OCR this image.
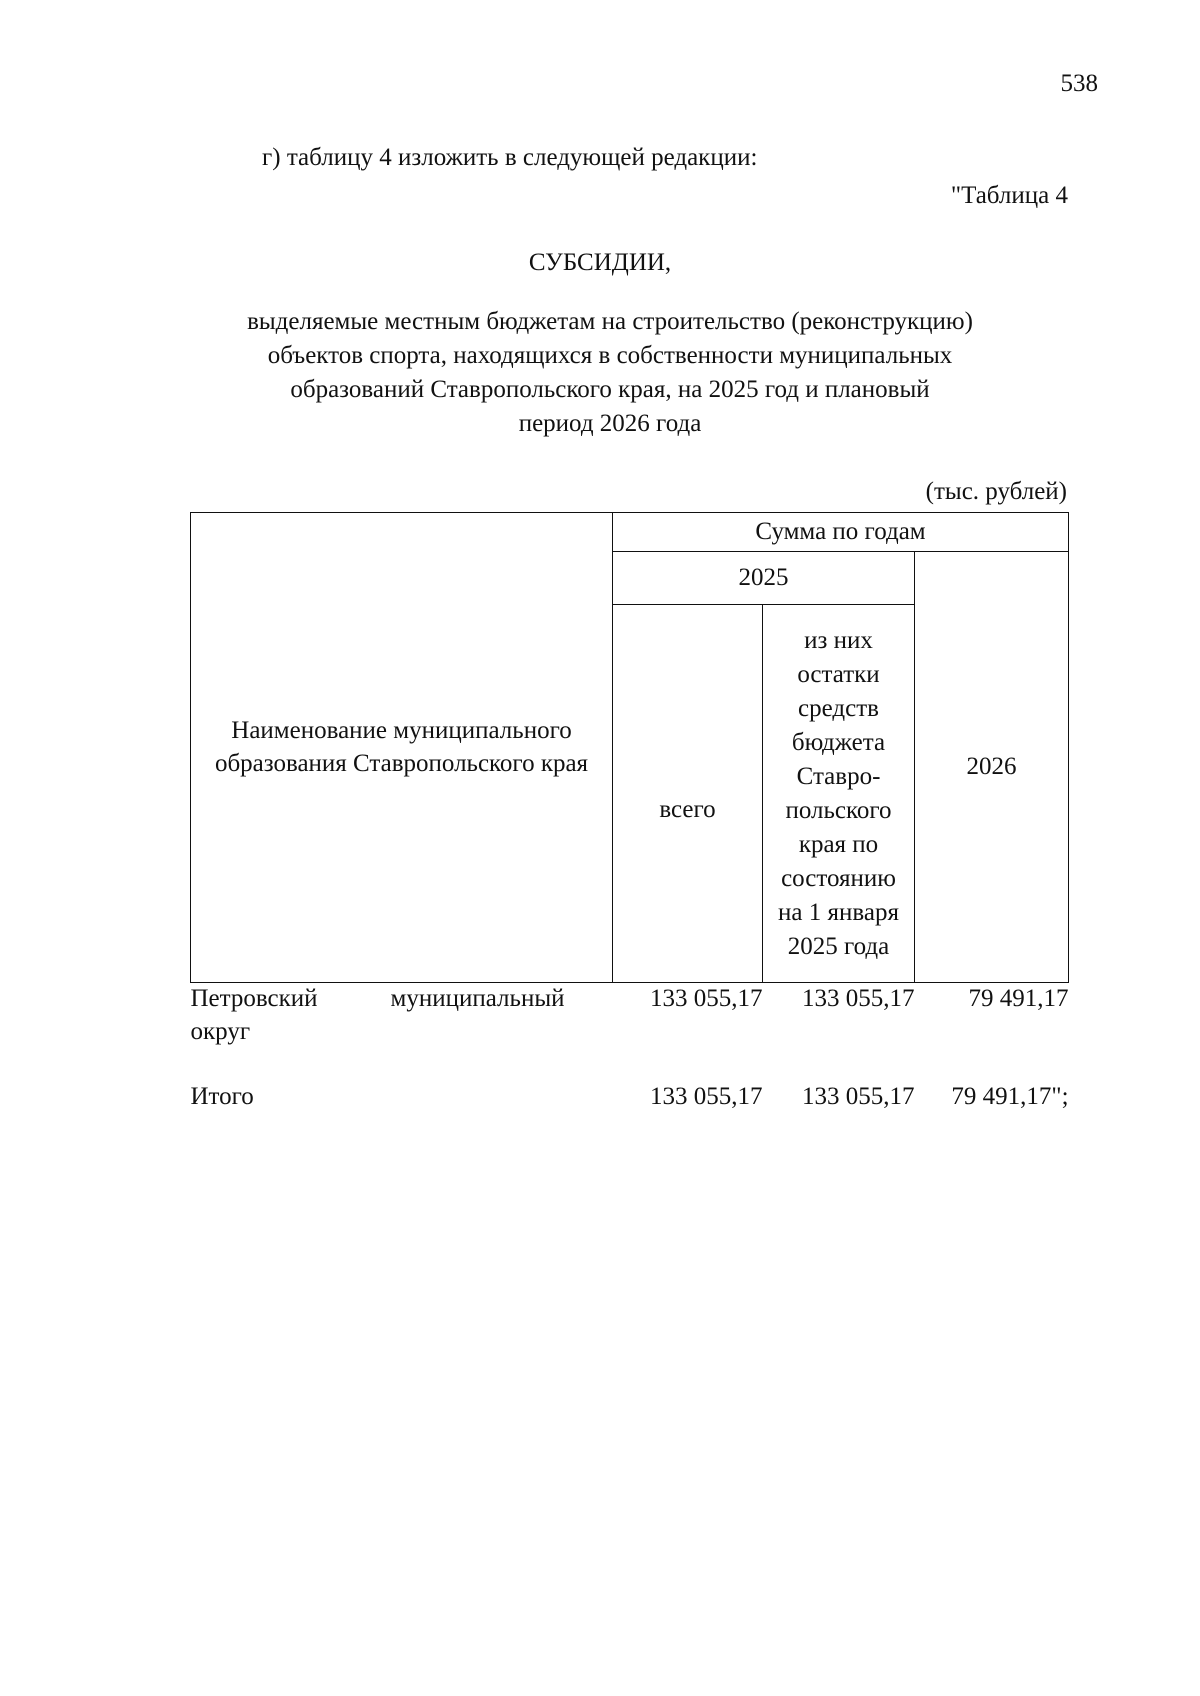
538
г) таблицу 4 изложить в следующей редакции:
"Таблица 4
СУБСИДИИ,
выделяемые местным бюджетам на строительство (реконструкцию)
объектов спорта, находящихся в собственности муниципальных
образований Ставропольского края, на 2025 год и плановый
период 2026 года
(тыс. рублей)
Наименование муниципального образования Ставропольского края	Сумма по годам		
	2025		2026
	всего	из них остатки средств бюджета Ставро-польского края по состоянию на 1 января 2025 года	

Петровский муниципальный
округ	133 055,17	133 055,17	79 491,17
Итого	133 055,17	133 055,17	79 491,17";
